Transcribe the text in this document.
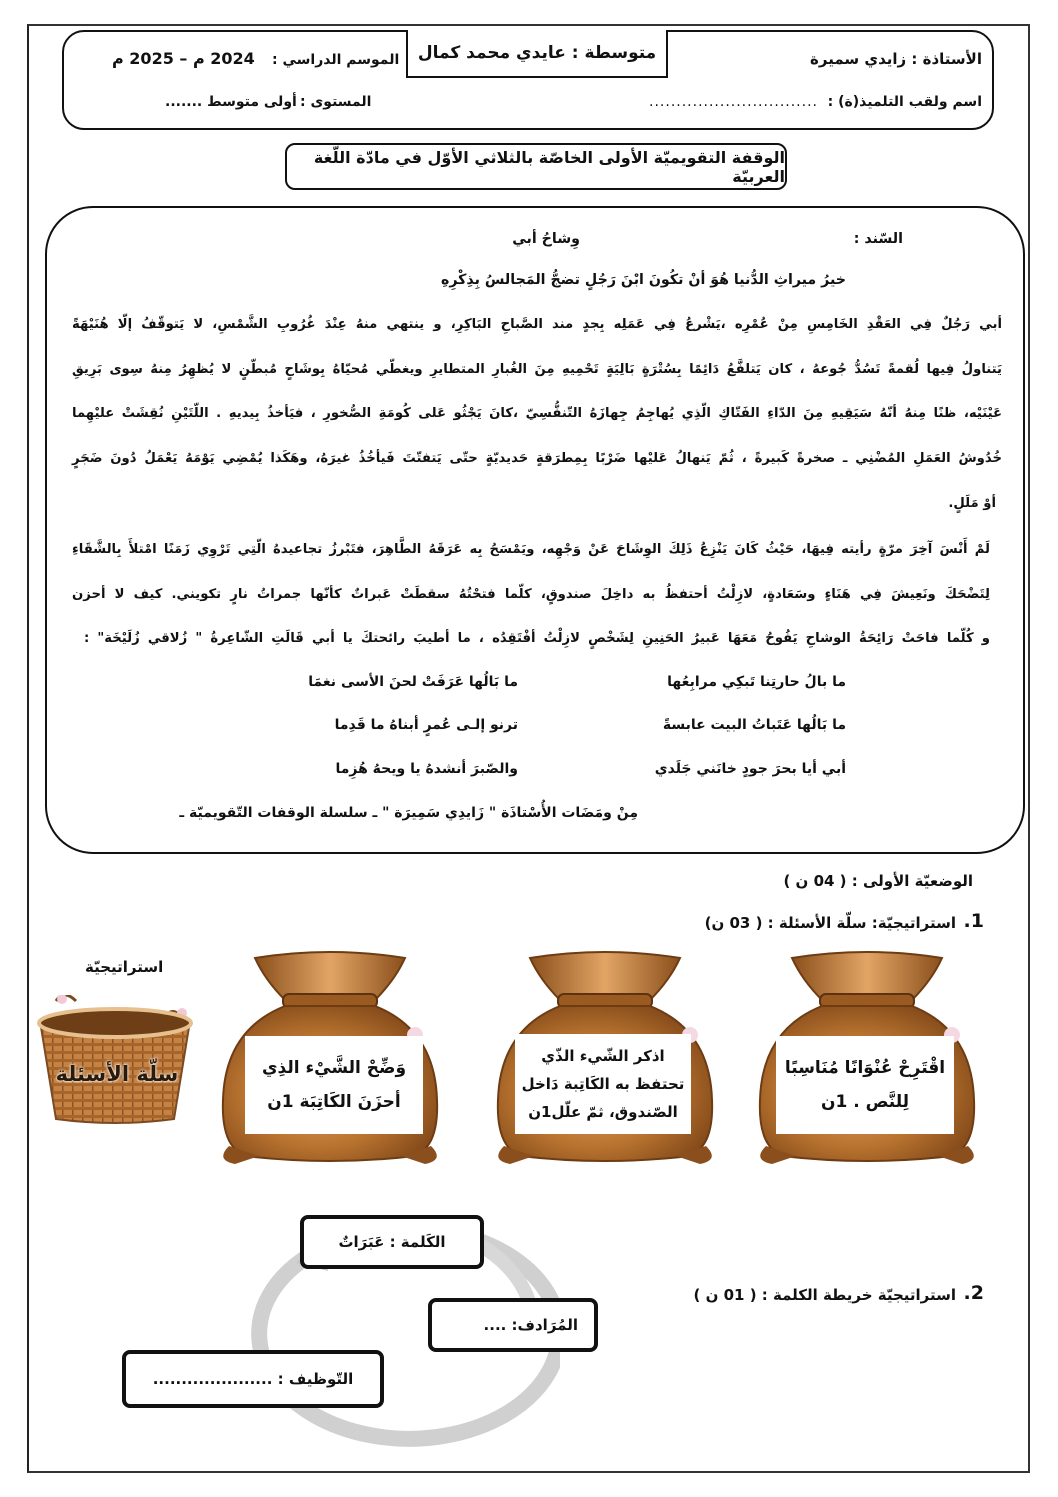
متوسطة : عايدي محمد كمال	الأستاذة : زايدي سميرة
اسم ولقب التلميذ(ة) :
...............................
الموسم الدراسي :
2024 م – 2025 م
المستوى :
أولى متوسط .......
الوقفة التقويميّة الأولى الخاصّة بالثلاثي الأوّل في مادّة اللّغة العربيّة
السّند :
وِشاحُ أبي
خيرُ ميراثِ الدُّنيا هُوَ أنْ تكُونَ ابْنَ رَجُلٍ تضجُّ المَجالسُ بِذِكْرِهِ
أبي رَجُلٌ فِي العَقْدِ الخَامِسِ مِنْ عُمْرِه ،يَشْرعُ فِي عَمَلِه بِجدٍ مند الصَّباحِ البَاكِرِ، و ينتهي منهُ عِنْدَ غُرُوبِ الشَّمْسِ، لا يَتوقّفُ إلّا هُنَيْهَةً
يَتناولُ فِيها لُقمةً تَسُدُّ جُوعهُ ، كان يَتلفَّعُ دَائِمًا بِسُتْرَةٍ بَالِيَةٍ تَحْمِيهِ مِنَ الغُبارِ المتطايرِ ويغطّي مُحيّاهُ بِوشَاحٍ مُبطّنٍ لا يُظهِرُ مِنهُ سِوى بَرِيقِ
عَيْنَيْه، ظنًا مِنهُ أنّهُ سَيَقِيهِ مِنَ الدّاءِ الفَتّاكِ الّذِي يُهاجِمُ جِهازَهُ التّنفُّسِيّ ،كانَ يَجْثُو عَلى كُومَةِ الصُّخورِ ، فيَأخذُ بِيديهِ . اللّتَيْنِ نُقِشَتْ عليْهِما
خُدُوشُ العَمَلِ المُضْنِي ـ صخرةً كَبيرةً ، ثُمّ يَنهالُ عَليْها ضَرْبًا بِمِطرَقةٍ حَديديّةٍ حتّى يَتفتّتَ فَيأخُذُ غيرَهُ، وهَكَذا يُمْضِي يَوْمَهُ يَعْمَلُ دُونَ ضَجَرٍ
أوْ مَلَلٍ.
لَمْ أَنْسَ آخِرَ مرّةٍ رأيته فِيهَا، حَيْثُ كَانَ يَنْزِعُ ذَلِكَ الوِشَاحَ عَنْ وَجْهِه، ويَمْسَحُ بِه عَرَقَهُ الطَّاهِرَ، فتَبْرزُ تجاعيدهُ الّتِي تَرْوِي زَمَنًا امْتلأَ بِالشَّقَاءِ
لِتَضْحَكَ ونَعِيشَ فِي هَنَاءٍ وسَعَادةٍ، لازِلْتُ أحتفظُ به داخِلَ صندوقٍ، كلّما فتحْتُهُ سقطَتْ عَبراتٌ كأنّها جمراتُ نارٍ تكويني. كيف لا أحزن
و كُلّما فاحَتْ رَائِحَةُ الوشاحِ يَفُوحُ مَعَهَا عَبيرُ الحَنِينِ لِشَخْصٍ لازِلْتُ أفْتَقِدُه ، ما أطيبَ رائحتكَ يا أبي قَالَتِ الشّاعِرةُ " زُلاقي زُلَيْخَة" :
ما بالُ حارتِنا تَبكِي مرابِعُها
ما بَالُها عَرَفَتْ لحنَ الأسى نغمَا
ما بَالُها عَتَباتُ البيت عابسةً
ترنو إلـى عُمرٍ أبناهُ ما قَدِما
أبي أيا بحرَ جودٍ خانَني جَلَدي
والصّبرَ أنشدهُ يا ويحهُ هُزِما
مِنْ ومَضَات الأُسْتاذَة " زَايدِي سَمِيرَة " ـ سلسلة الوقفات التّقويميّة ـ
الوضعيّة الأولى : ( 04 ن )
1.
استراتيجيّة: سلّة الأسئلة : ( 03 ن)
استراتيجيّة
سلّة الأسئلة	اقْتَرِحْ عُنْوَانًا مُنَاسِبًا
لِلنَّص . 1ن
اذكر الشّيء الذّي
تحتفظ به الكَاتِبة دَاخل
الصّندوق، ثمّ علّل1ن
وَضِّحْ الشَّيْء الذِي
أحزَنَ الكَاتِبَة 1ن
الكَلمة : عَبَرَاتٌ
المُرَادف: ....
التّوظيف : .....................
2.
استراتيجيّة خريطة الكلمة : ( 01 ن )
